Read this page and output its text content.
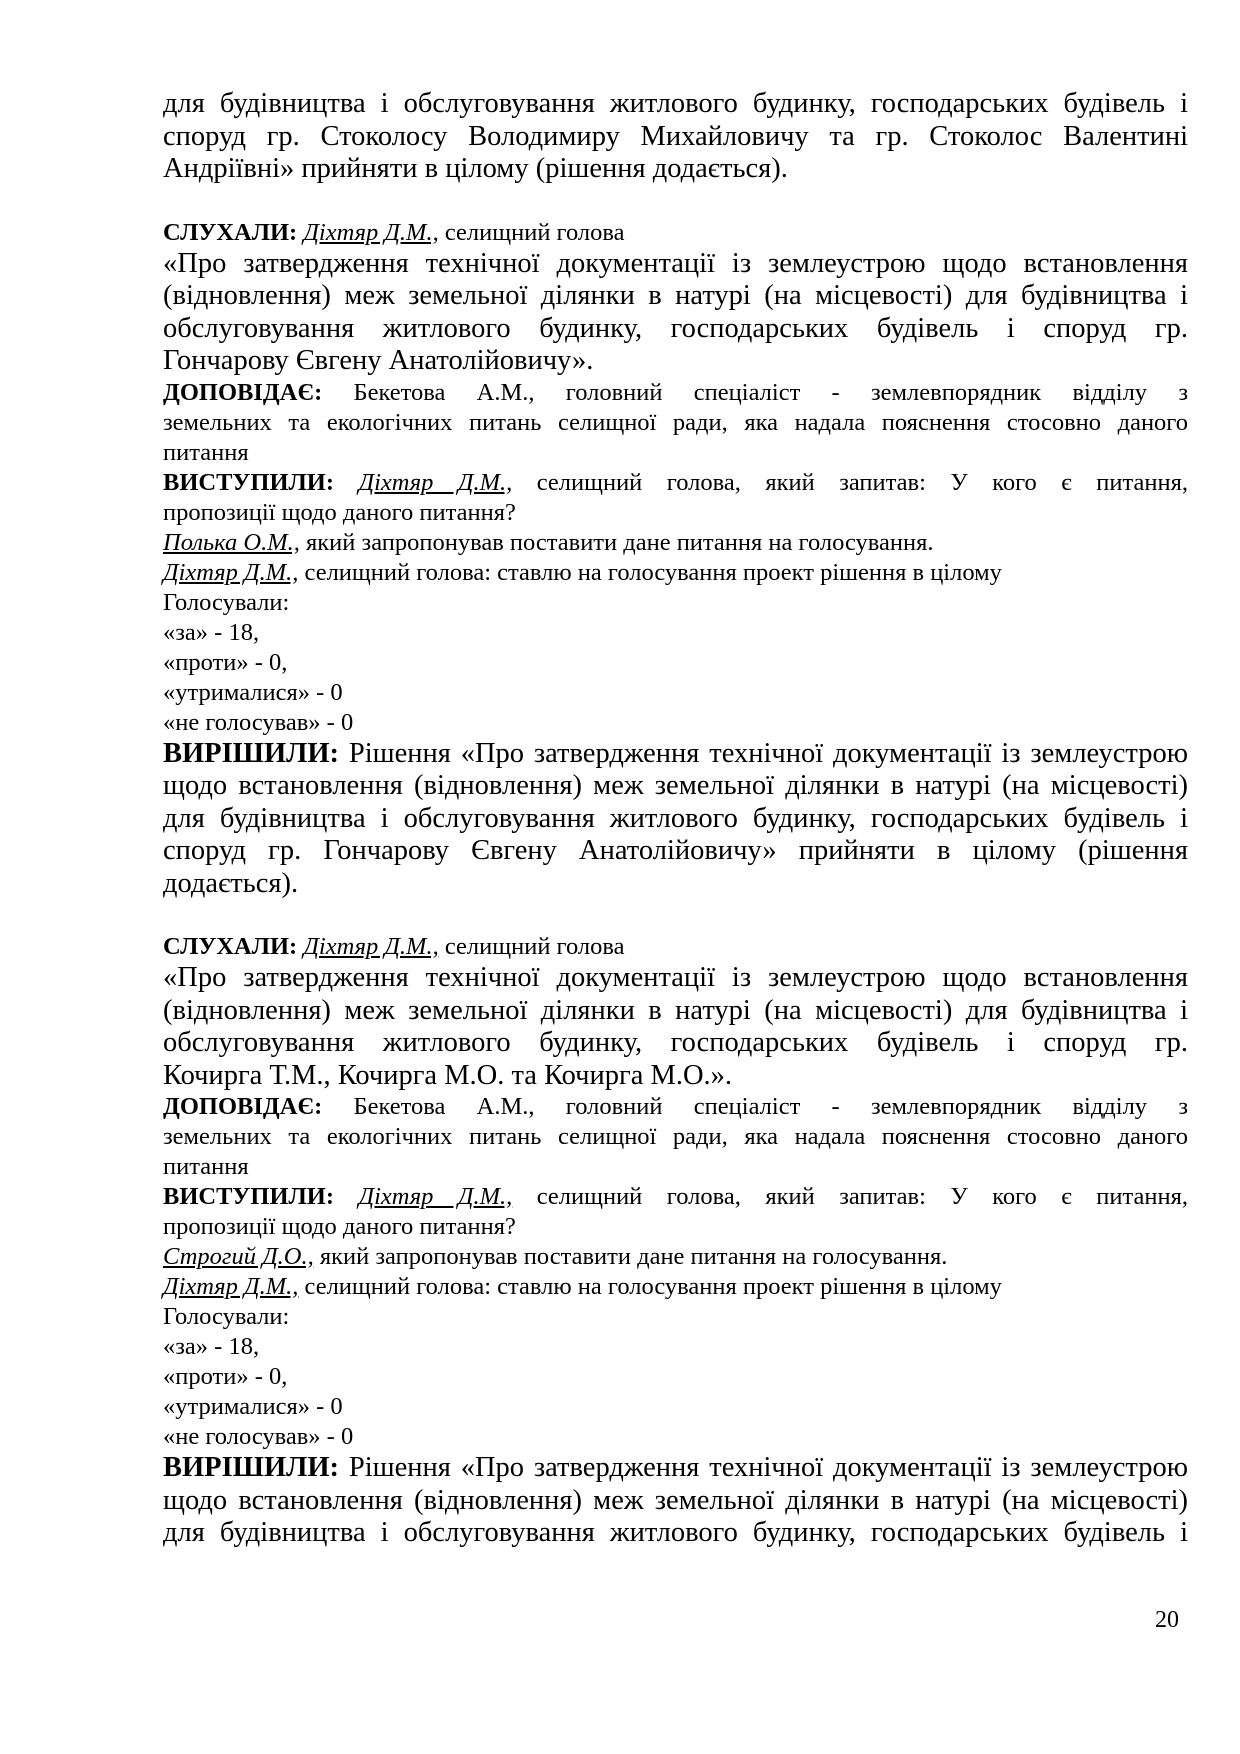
для будівництва і обслуговування житлового будинку, господарських будівель і

споруд гр. Стоколосу Володимиру Михайловичу та гр. Стоколос Валентині

Андріївні» прийняти в цілому (рішення додається).

СЛУХАЛИ: Діхтяр Д.М., селищний голова

«Про затвердження технічної документації із землеустрою щодо встановлення

(відновлення) меж земельної ділянки в натурі (на місцевості) для будівництва і

обслуговування житлового будинку, господарських будівель і споруд гр.

Гончарову Євгену Анатолійовичу».

ДОПОВІДАЄ: Бекетова А.М., головний спеціаліст - землевпорядник відділу з

земельних та екологічних питань селищної ради, яка надала пояснення стосовно даного

питання

ВИСТУПИЛИ: Діхтяр Д.М., селищний голова, який запитав: У кого є питання,

пропозиції щодо даного питання?

Полька О.М., який запропонував поставити дане питання на голосування.

Діхтяр Д.М., селищний голова: ставлю на голосування проект рішення в цілому

Голосували:

«за» - 18,

«проти» - 0,

«утрималися» - 0

«не голосував» - 0

ВИРІШИЛИ: Рішення «Про затвердження технічної документації із землеустрою

щодо встановлення (відновлення) меж земельної ділянки в натурі (на місцевості)

для будівництва і обслуговування житлового будинку, господарських будівель і

споруд гр. Гончарову Євгену Анатолійовичу» прийняти в цілому (рішення

додається).

СЛУХАЛИ: Діхтяр Д.М., селищний голова

«Про затвердження технічної документації із землеустрою щодо встановлення

(відновлення) меж земельної ділянки в натурі (на місцевості) для будівництва і

обслуговування житлового будинку, господарських будівель і споруд гр.

Кочирга Т.М., Кочирга М.О. та Кочирга М.О.».

ДОПОВІДАЄ: Бекетова А.М., головний спеціаліст - землевпорядник відділу з

земельних та екологічних питань селищної ради, яка надала пояснення стосовно даного

питання

ВИСТУПИЛИ: Діхтяр Д.М., селищний голова, який запитав: У кого є питання,

пропозиції щодо даного питання?

Строгий Д.О., який запропонував поставити дане питання на голосування.

Діхтяр Д.М., селищний голова: ставлю на голосування проект рішення в цілому

Голосували:

«за» - 18,

«проти» - 0,

«утрималися» - 0

«не голосував» - 0

ВИРІШИЛИ: Рішення «Про затвердження технічної документації із землеустрою

щодо встановлення (відновлення) меж земельної ділянки в натурі (на місцевості)

для будівництва і обслуговування житлового будинку, господарських будівель і

20
